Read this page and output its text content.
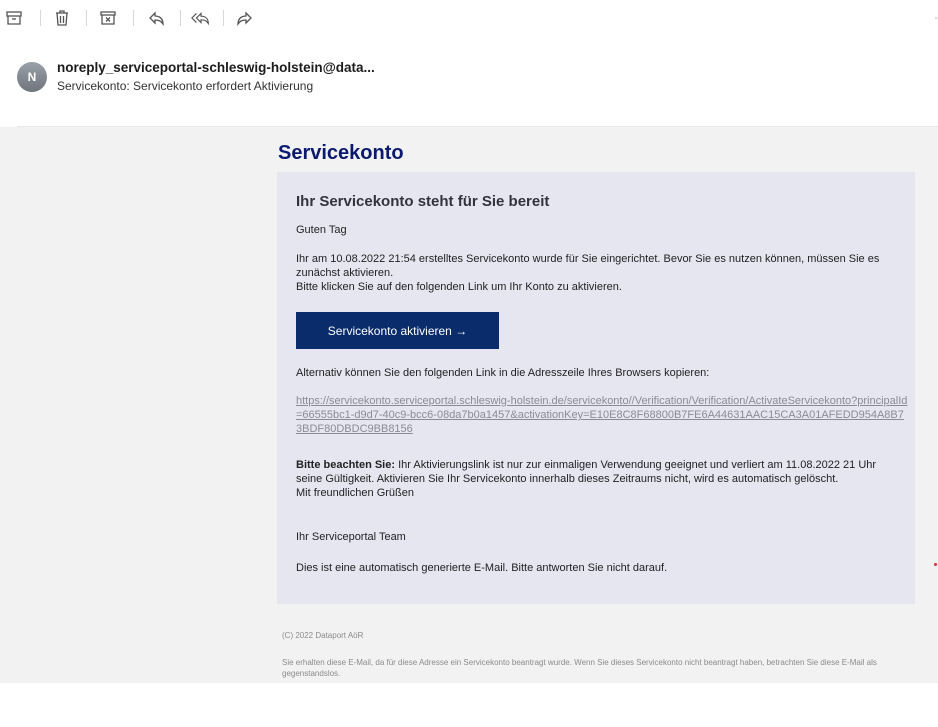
N
noreply_serviceportal-schleswig-holstein@data...
Servicekonto: Servicekonto erfordert Aktivierung
Servicekonto
Ihr Servicekonto steht für Sie bereit
Guten Tag
Ihr am 10.08.2022 21:54 erstelltes Servicekonto wurde für Sie eingerichtet. Bevor Sie es nutzen können, müssen Sie es
zunächst aktivieren.
Bitte klicken Sie auf den folgenden Link um Ihr Konto zu aktivieren.
Servicekonto aktivieren →
Alternativ können Sie den folgenden Link in die Adresszeile Ihres Browsers kopieren:
https://servicekonto.serviceportal.schleswig-holstein.de/servicekonto//Verification/Verification/ActivateServicekonto?principalId=66555bc1-d9d7-40c9-bcc6-08da7b0a1457&activationKey=E10E8C8F68800B7FE6A44631AAC15CA3A01AFEDD954A8B73BDF80DBDC9BB8156
Bitte beachten Sie: Ihr Aktivierungslink ist nur zur einmaligen Verwendung geeignet und verliert am 11.08.2022 21 Uhr
seine Gültigkeit. Aktivieren Sie Ihr Servicekonto innerhalb dieses Zeitraums nicht, wird es automatisch gelöscht.
Mit freundlichen Grüßen
Ihr Serviceportal Team
Dies ist eine automatisch generierte E-Mail. Bitte antworten Sie nicht darauf.
(C) 2022 Dataport AöR
Sie erhalten diese E-Mail, da für diese Adresse ein Servicekonto beantragt wurde. Wenn Sie dieses Servicekonto nicht beantragt haben, betrachten Sie diese E-Mail als gegenstandslos.
